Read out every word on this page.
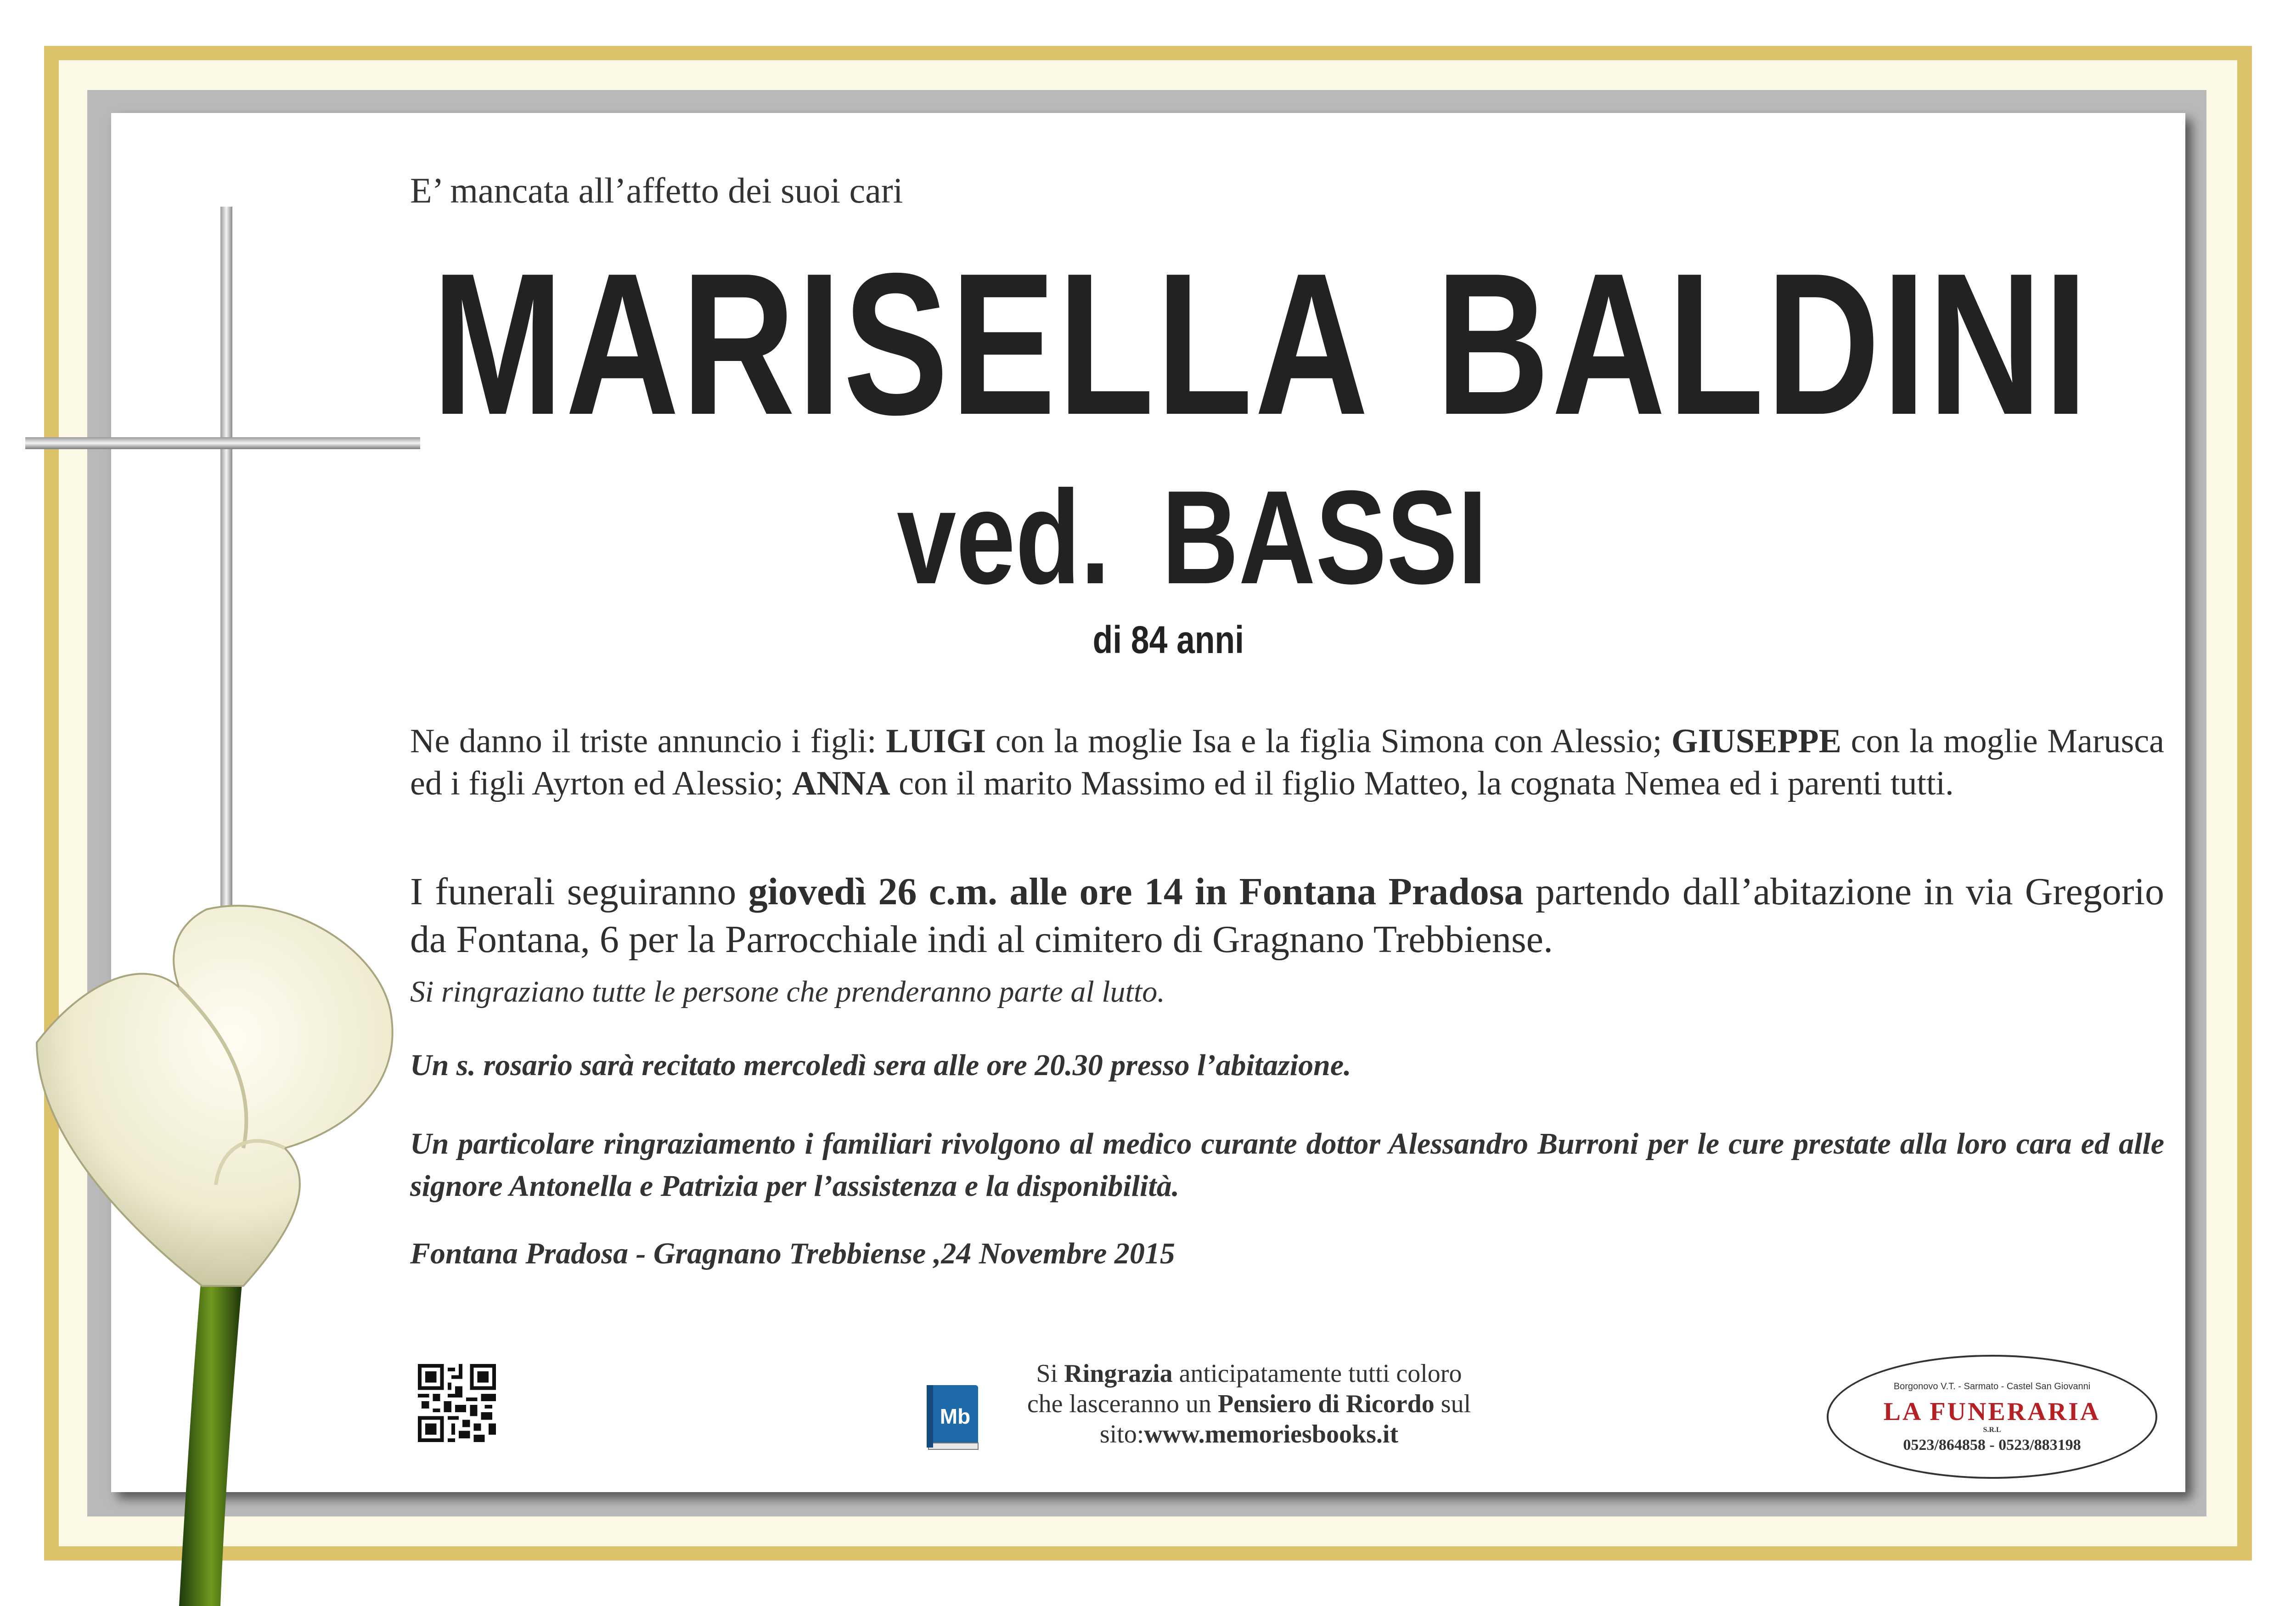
E’ mancata all’affetto dei suoi cari
MARISELLA BALDINI
ved. BASSI
di 84 anni
Ne danno il triste annuncio i figli: LUIGI con la moglie Isa e la figlia Simona con Alessio; GIUSEPPE con la moglie Marusca ed i figli Ayrton ed Alessio; ANNA con il marito Massimo ed il figlio Matteo, la cognata Nemea ed i parenti tutti.
I funerali seguiranno giovedì 26 c.m. alle ore 14 in Fontana Pradosa partendo dall’abitazione in via Gregorio da Fontana, 6 per la Parrocchiale indi al cimitero di Gragnano Trebbiense.
Si ringraziano tutte le persone che prenderanno parte al lutto.
Un s. rosario sarà recitato mercoledì sera alle ore 20.30 presso l’abitazione.
Un particolare ringraziamento i familiari rivolgono al medico curante dottor Alessandro Burroni per le cure prestate alla loro cara ed alle signore Antonella e Patrizia per l’assistenza e la disponibilità.
Fontana Pradosa - Gragnano Trebbiense ,24 Novembre 2015
Mb
Si Ringrazia anticipatamente tutti coloro
che lasceranno un Pensiero di Ricordo sul
sito:www.memoriesbooks.it
Borgonovo V.T. - Sarmato - Castel San Giovanni
LA FUNERARIA
S.R.L
0523/864858 - 0523/883198
